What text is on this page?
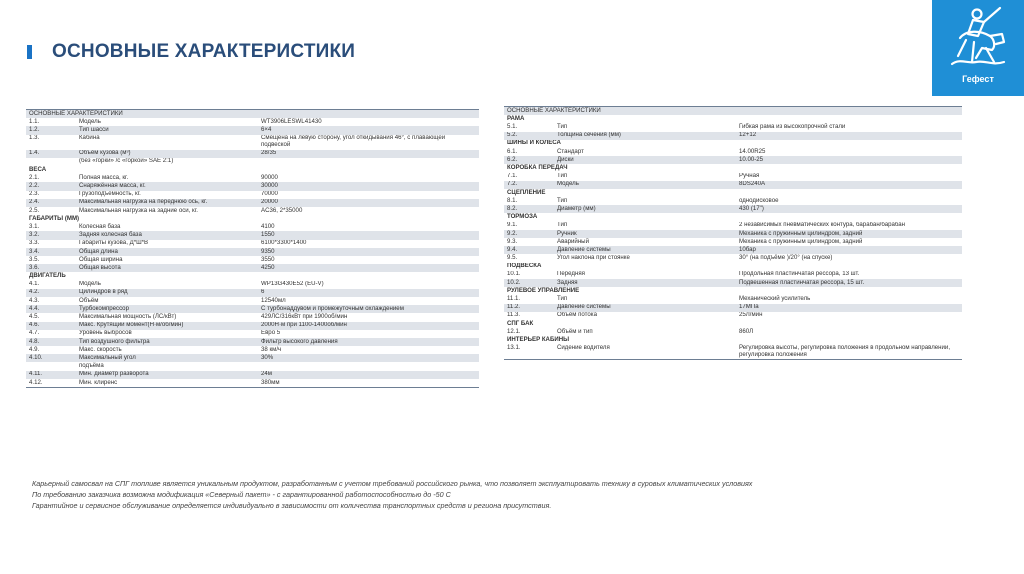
ОСНОВНЫЕ ХАРАКТЕРИСТИКИ
Гефест
ОСНОВНЫЕ ХАРАКТЕРИСТИКИ		
1.1.	Модель	WT3906LESWL41430
1.2.	Тип шасси	6×4
1.3.	Кабина	Смещена на левую сторону, угол откидывания 46°, с плавающей подвеской
1.4.	Объём кузова (м³)	28/35
	(без «горки» /с «горкой» SAE 2:1)	
ВЕСА		
2.1.	Полная масса, кг.	90000
2.2.	Снаряжённая масса, кг.	30000
2.3.	Грузоподъемность, кг.	70000
2.4.	Максимальная нагрузка на переднюю ось, кг.	20000
2.5.	Максимальная нагрузка на задние оси, кг.	AC36, 2*35000
ГАБАРИТЫ (ММ)		
3.1.	Колесная база	4100
3.2.	Задняя колесная база	1550
3.3.	Габариты кузова, Д*Ш*В	6100*3300*1400
3.4.	Общая длина	9350
3.5.	Общая ширина	3550
3.6.	Общая высота	4250
ДВИГАТЕЛЬ		
4.1.	Модель	WP13G430E52 (EU-V)
4.2.	Цилиндров в ряд	6
4.3.	Объём	12540мл
4.4.	Турбокомпрессор	С турбонаддувом и промежуточным охлаждением
4.5.	Максимальная мощность (ЛС/кВт)	429ЛС/316кВт при 1900об/мин
4.6.	Макс. Крутящий момент(Н·м/об/мин)	2000Н·м при 1100-1400об/мин
4.7.	Уровень выбросов	Евро 5
4.8.	Тип воздушного фильтра	Фильтр высокого давления
4.9.	Макс. скорость	38 км/ч
4.10.	Максимальный угол	30%
	подъёма	
4.11.	Мин. диаметр разворота	24м
4.12.	Мин. клиренс	380мм
ОСНОВНЫЕ ХАРАКТЕРИСТИКИ		
РАМА		
5.1.	Тип	Гибкая рама из высокопрочной стали
5.2.	Толщина сечения (мм)	12+12
ШИНЫ И КОЛЁСА		
6.1.	Стандарт	14.00R25
6.2.	Диски	10.00-25
КОРОБКА ПЕРЕДАЧ		
7.1.	Тип	Ручная
7.2.	Модель	8DS240A
СЦЕПЛЕНИЕ		
8.1.	Тип	однодисковое
8.2.	Диаметр (мм)	430 (17")
ТОРМОЗА		
9.1.	Тип	2 независимых пневматических контура, барабан/барабан
9.2.	Ручник	Механика с пружинным цилиндром, задний
9.3.	Аварийный	Механика с пружинным цилиндром, задний
9.4.	Давление системы	10бар
9.5.	Угол наклона при стоянке	30° (на подъёме )/20° (на спуске)
ПОДВЕСКА		
10.1.	Передняя	Продольная пластинчатая рессора, 13 шт.
10.2.	Задняя	Подвешенная пластинчатая рессора, 15 шт.
РУЛЕВОЕ УПРАВЛЕНИЕ		
11.1.	Тип	Механический усилитель
11.2.	Давление системы	17МПа
11.3.	Объём потока	25Л/мин
СПГ БАК		
12.1.	Объём и тип	860Л
ИНТЕРЬЕР КАБИНЫ		
13.1.	Сидение водителя	Регулировка высоты, регулировка положения в продольном направлении, регулировка положения

Карьерный самосвал на СПГ топливе является уникальным продуктом, разработанным с учетом требований российского рынка, что позволяет эксплуатировать технику в суровых климатических условиях

По требованию заказчика возможна модификация «Северный пакет» - с гарантированной работоспособностью до -50 С

Гарантийное и сервисное обслуживание определяется индивидуально в зависимости от количества транспортных средств и региона присутствия.
